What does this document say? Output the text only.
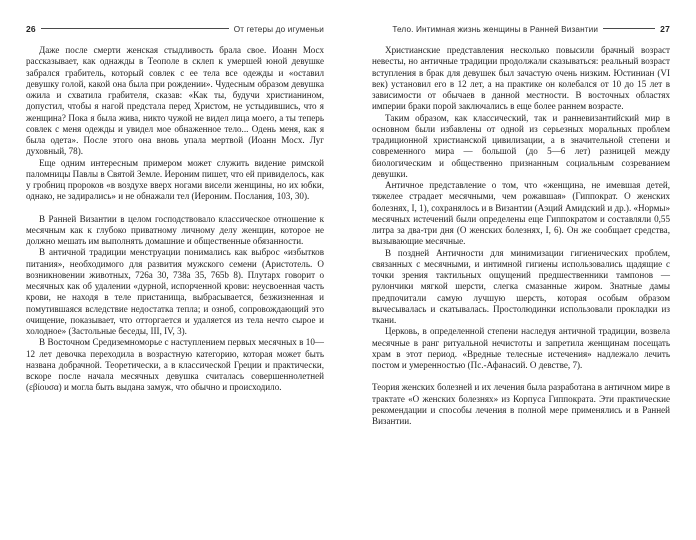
26	От гетеры до игуменьи

Даже после смерти женская стыдливость брала свое. Иоанн Мосх рассказывает, как однажды в Теополе в склеп к умершей юной девушке забрался грабитель, который совлек с ее тела все одежды и «оставил девушку голой, какой она была при рождении». Чудесным образом девушка ожила и схватила грабителя, сказав: «Как ты, будучи христианином, допустил, чтобы я нагой предстала перед Христом, не устыдившись, что я женщина? Пока я была жива, никто чужой не видел лица моего, а ты теперь совлек с меня одежды и увидел мое обнаженное тело... Одень меня, как я была одета». После этого она вновь упала мертвой (Иоанн Мосх. Луг духовный, 78).

Еще одним интересным примером может служить видение римской паломницы Павлы в Святой Земле. Иероним пишет, что ей привиделось, как у гробниц пророков «в воздухе вверх ногами висели женщины, но их юбки, однако, не задирались» и не обнажали тел (Иероним. Послания, 103, 30).

В Ранней Византии в целом господствовало классическое отношение к месячным как к глубоко приватному личному делу женщин, которое не должно мешать им выполнять домашние и общественные обязанности.

В античной традиции менструации понимались как выброс «избытков питания», необходимого для развития мужского семени (Аристотель. О возникновении животных, 726a 30, 738a 35, 765b 8). Плутарх говорит о месячных как об удалении «дурной, испорченной крови: неусвоенная часть крови, не находя в теле пристанища, выбрасывается, безжизненная и помутившаяся вследствие недостатка тепла; и озноб, сопровождающий это очищение, показывает, что отторгается и удаляется из тела нечто сырое и холодное» (Застольные беседы, III, IV, 3).

В Восточном Средиземноморье с наступлением первых месячных в 10—12 лет девочка переходила в возрастную категорию, которая может быть названа добрачной. Теоретически, а в классической Греции и практически, вскоре после начала месячных девушка считалась совершеннолетней (εβίουσα) и могла быть выдана замуж, что обычно и происходило.

Тело. Интимная жизнь женщины в Ранней Византии	27

Христианские представления несколько повысили брачный возраст невесты, но античные традиции продолжали сказываться: реальный возраст вступления в брак для девушек был зачастую очень низким. Юстиниан (VI век) установил его в 12 лет, а на практике он колебался от 10 до 15 лет в зависимости от обычаев в данной местности. В восточных областях империи браки порой заключались в еще более раннем возрасте.

Таким образом, как классический, так и ранневизантийский мир в основном были избавлены от одной из серьезных моральных проблем традиционной христианской цивилизации, а в значительной степени и современного мира — большой (до 5—6 лет) разницей между биологическим и общественно признанным социальным созреванием девушки.

Античное представление о том, что «женщина, не имевшая детей, тяжелее страдает месячными, чем рожавшая» (Гиппократ. О женских болезнях, I, 1), сохранялось и в Византии (Аэций Амидский и др.). «Нормы» месячных истечений были определены еще Гиппократом и составляли 0,55 литра за два-три дня (О женских болезнях, I, 6). Он же сообщает средства, вызывающие месячные.

В поздней Античности для минимизации гигиенических проблем, связанных с месячными, и интимной гигиены использовались щадящие с точки зрения тактильных ощущений предшественники тампонов — рулончики мягкой шерсти, слегка смазанные жиром. Знатные дамы предпочитали самую лучшую шерсть, которая особым образом вычесывалась и скатывалась. Простолюдинки использовали прокладки из ткани.

Церковь, в определенной степени наследуя античной традиции, возвела месячные в ранг ритуальной нечистоты и запретила женщинам посещать храм в этот период. «Вредные телесные истечения» надлежало лечить постом и умеренностью (Пс.-Афанасий. О девстве, 7).

Теория женских болезней и их лечения была разработана в античном мире в трактате «О женских болезнях» из Корпуса Гиппократа. Эти практические рекомендации и способы лечения в полной мере применялись и в Ранней Византии.
